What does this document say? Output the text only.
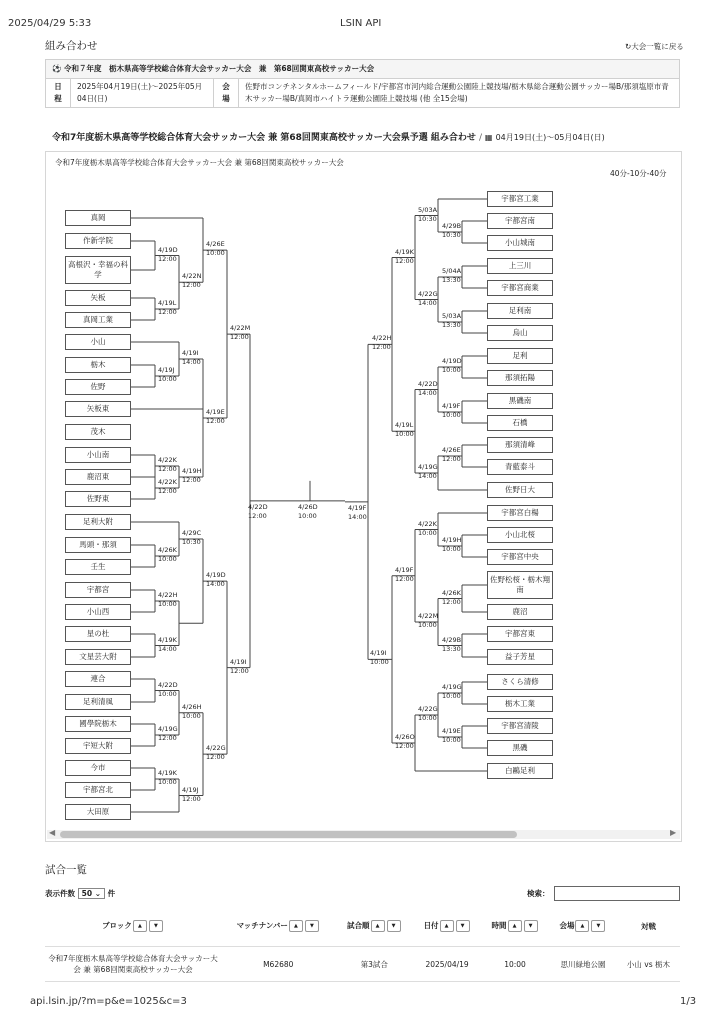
2025/04/29 5:33	LSIN API
組み合わせ	↻大会一覧に戻る
⚽ 令和７年度　栃木県高等学校総合体育大会サッカー大会　兼　第68回関東高校サッカー大会
日程	2025年04月19日(土)〜2025年05月04日(日)	会場	佐野市コンチネンタルホームフィールド/宇都宮市河内総合運動公園陸上競技場/栃木県総合運動公園サッカー場B/那須塩原市青木サッカー場B/真岡市ハイトラ運動公園陸上競技場 (他 全15会場)
令和7年度栃木県高等学校総合体育大会サッカー大会 兼 第68回関東高校サッカー大会県予選 組み合わせ / ▦ 04月19日(土)〜05月04日(日)
令和7年度栃木県高等学校総合体育大会サッカー大会 兼 第68回関東高校サッカー大会
40分-10分-40分
真岡
作新学院
高根沢・幸福の科学
矢板
真岡工業
小山
栃木
佐野
矢板東
茂木
小山南
鹿沼東
佐野東
足利大附
馬頭・那須
壬生
宇都宮
小山西
星の杜
文星芸大附
連合
足利清風
國學院栃木
宇短大附
今市
宇都宮北
大田原
4/19D
12:00
4/19L
12:00
4/22N
12:00
4/26E
10:00
4/19J
10:00
4/19I
14:00
4/22K
12:00
4/22K
12:00
4/19H
12:00
4/19E
12:00
4/22M
12:00
4/26K
10:00
4/29C
10:30
4/22H
10:00
4/19K
14:00
4/19D
14:00
4/22D
10:00
4/19G
12:00
4/26H
10:00
4/19K
10:00
4/19J
12:00
4/22G
12:00
4/19I
12:00
4/22D
12:00
4/26D
10:00
宇都宮工業
宇都宮南
小山城南
上三川
宇都宮商業
足利南
烏山
足利
那須拓陽
黒磯南
石橋
那須清峰
青藍泰斗
佐野日大
宇都宮白楊
小山北桜
宇都宮中央
佐野松桜・栃木翔南
鹿沼
宇都宮東
益子芳星
さくら清修
栃木工業
宇都宮清陵
黒磯
白鷗足利
4/29B
10:30
5/03A
10:30
5/04A
13:30
5/03A
13:30
4/22G
14:00
4/19K
12:00
4/19D
10:00
4/19F
10:00
4/22D
14:00
4/26E
12:00
4/19G
14:00
4/19L
10:00
4/22H
12:00
4/19H
10:00
4/22K
10:00
4/26K
12:00
4/29B
13:30
4/22M
10:00
4/19F
12:00
4/19G
10:00
4/19E
10:00
4/22G
10:00
4/26O
12:00
4/19F
14:00
4/19I
10:00
◀	▶
試合一覧
表示件数 50 ⌄ 件	検索：
ブロック ▲ ▼	マッチナンバー ▲ ▼	試合順 ▲ ▼	日付 ▲ ▼	時間 ▲ ▼	会場 ▲ ▼	対戦
令和7年度栃木県高等学校総合体育大会サッカー大会 兼 第68回関東高校サッカー大会	M62680	第3試合	2025/04/19	10:00	思川緑地公園	小山 vs 栃木
api.lsin.jp/?m=p&e=1025&c=3	1/3
